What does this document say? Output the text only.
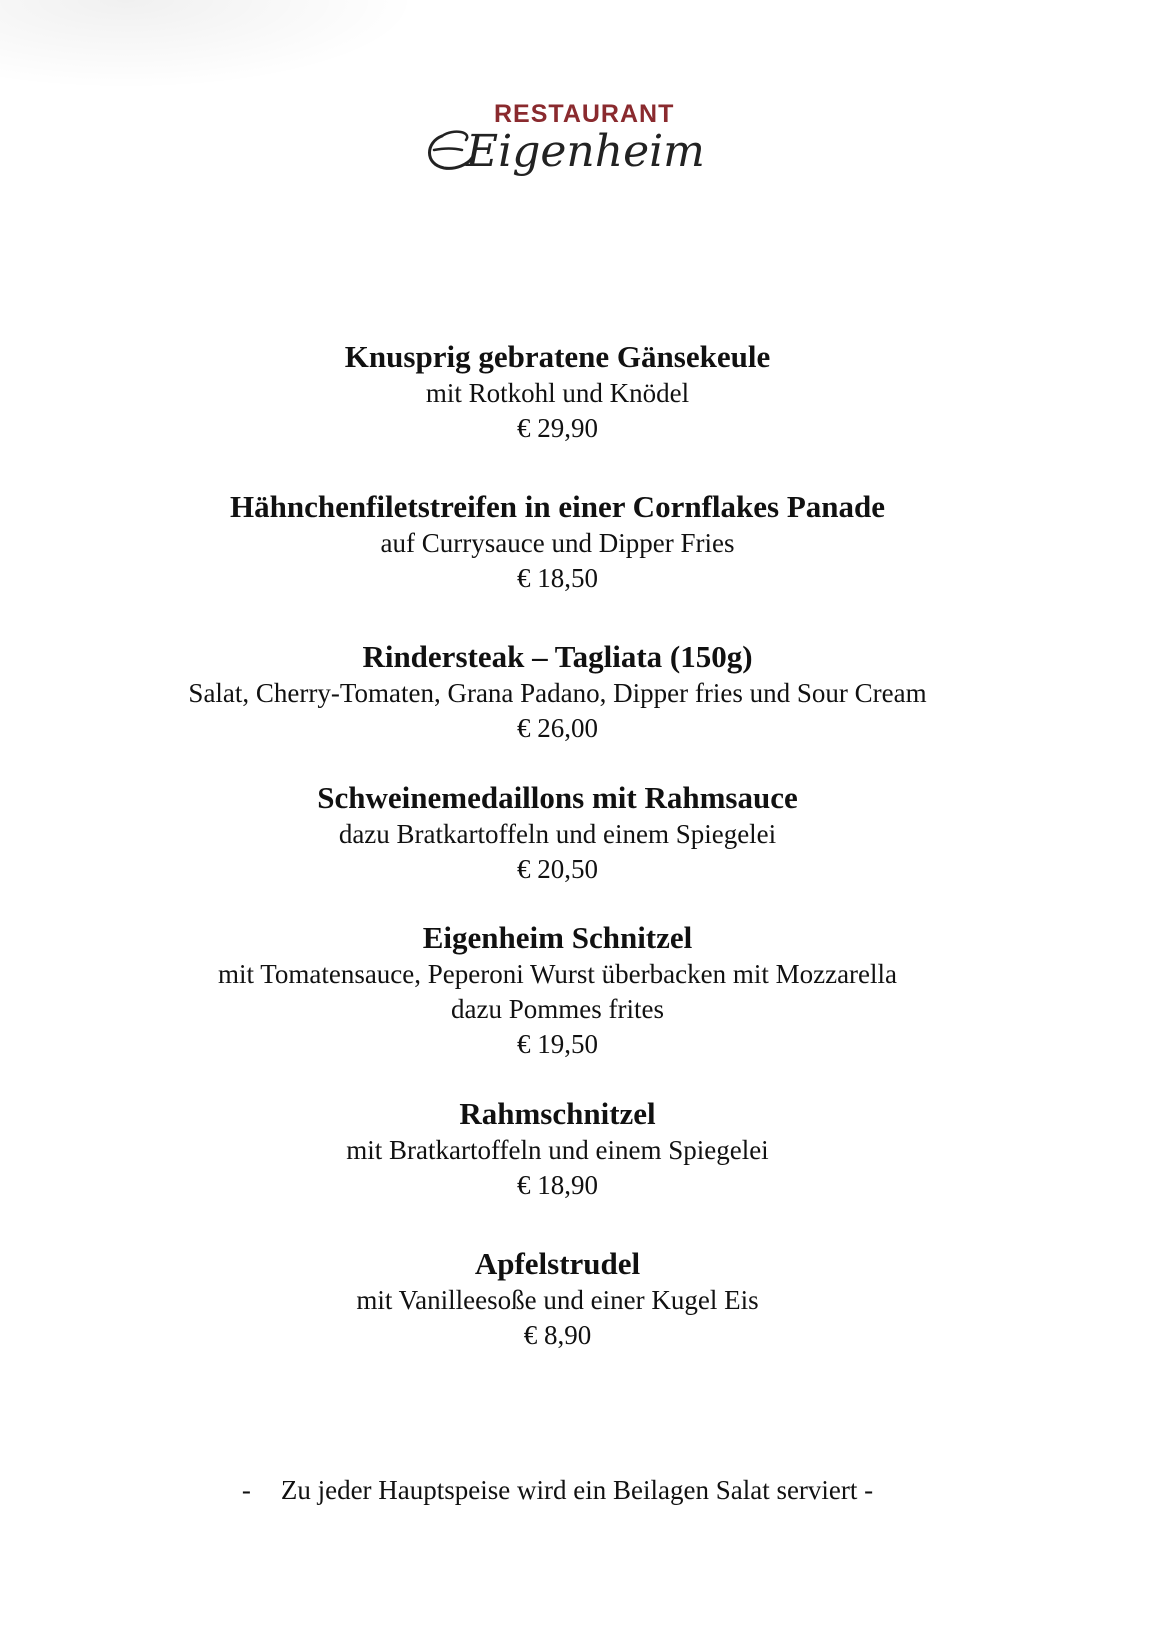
RESTAURANT
Eigenheim
Knusprig gebratene Gänsekeule
mit Rotkohl und Knödel
€ 29,90
Hähnchenfiletstreifen in einer Cornflakes Panade
auf Currysauce und Dipper Fries
€ 18,50
Rindersteak – Tagliata (150g)
Salat, Cherry-Tomaten, Grana Padano, Dipper fries und Sour Cream
€ 26,00
Schweinemedaillons mit Rahmsauce
dazu Bratkartoffeln und einem Spiegelei
€ 20,50
Eigenheim Schnitzel
mit Tomatensauce, Peperoni Wurst überbacken mit Mozzarella
dazu Pommes frites
€ 19,50
Rahmschnitzel
mit Bratkartoffeln und einem Spiegelei
€ 18,90
Apfelstrudel
mit Vanilleesoße und einer Kugel Eis
€ 8,90
- Zu jeder Hauptspeise wird ein Beilagen Salat serviert -
